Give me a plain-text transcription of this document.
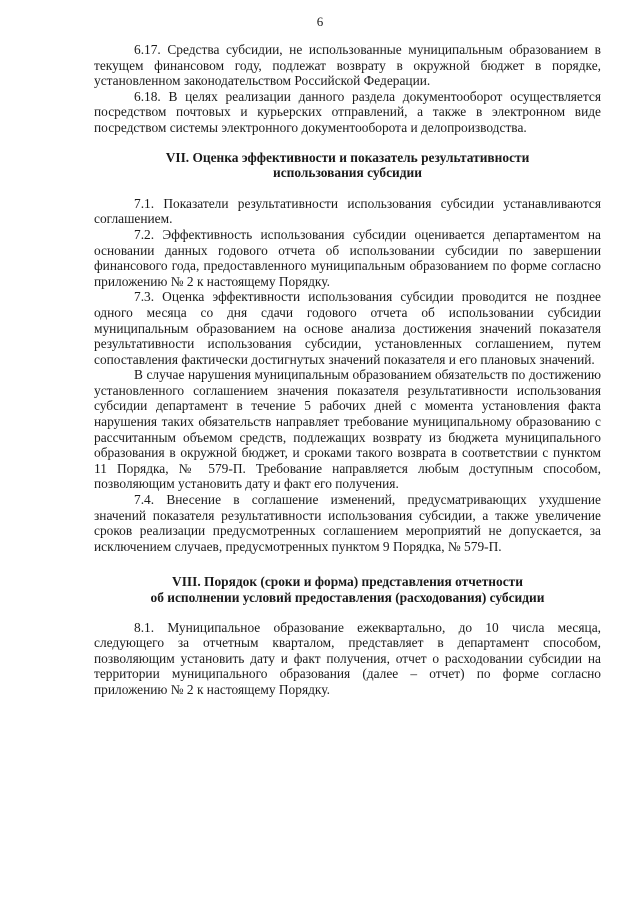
6

6.17. Средства субсидии, не использованные муниципальным образованием в текущем финансовом году, подлежат возврату в окружной бюджет в порядке, установленном законодательством Российской Федерации.

6.18. В целях реализации данного раздела документооборот осуществляется посредством почтовых и курьерских отправлений, а также в электронном виде посредством системы электронного документооборота и делопроизводства.

VII. Оценка эффективности и показатель результативности
использования субсидии

7.1. Показатели результативности использования субсидии устанавливаются соглашением.

7.2. Эффективность использования субсидии оценивается департаментом на основании данных годового отчета об использовании субсидии по завершении финансового года, предоставленного муниципальным образованием по форме согласно приложению № 2 к настоящему Порядку.

7.3. Оценка эффективности использования субсидии проводится не позднее одного месяца со дня сдачи годового отчета об использовании субсидии муниципальным образованием на основе анализа достижения значений показателя результативности использования субсидии, установленных соглашением, путем сопоставления фактически достигнутых значений показателя и его плановых значений.

В случае нарушения муниципальным образованием обязательств по достижению установленного соглашением значения показателя результативности использования субсидии департамент в течение 5 рабочих дней с момента установления факта нарушения таких обязательств направляет требование муниципальному образованию с рассчитанным объемом средств, подлежащих возврату из бюджета муниципального образования в окружной бюджет, и сроками такого возврата в соответствии с пунктом 11 Порядка, № 579-П. Требование направляется любым доступным способом, позволяющим установить дату и факт его получения.

7.4. Внесение в соглашение изменений, предусматривающих ухудшение значений показателя результативности использования субсидии, а также увеличение сроков реализации предусмотренных соглашением мероприятий не допускается, за исключением случаев, предусмотренных пунктом 9 Порядка, № 579-П.

VIII. Порядок (сроки и форма) представления отчетности
об исполнении условий предоставления (расходования) субсидии

8.1. Муниципальное образование ежеквартально, до 10 числа месяца, следующего за отчетным кварталом, представляет в департамент способом, позволяющим установить дату и факт получения, отчет о расходовании субсидии на территории муниципального образования (далее – отчет) по форме согласно приложению № 2 к настоящему Порядку.
